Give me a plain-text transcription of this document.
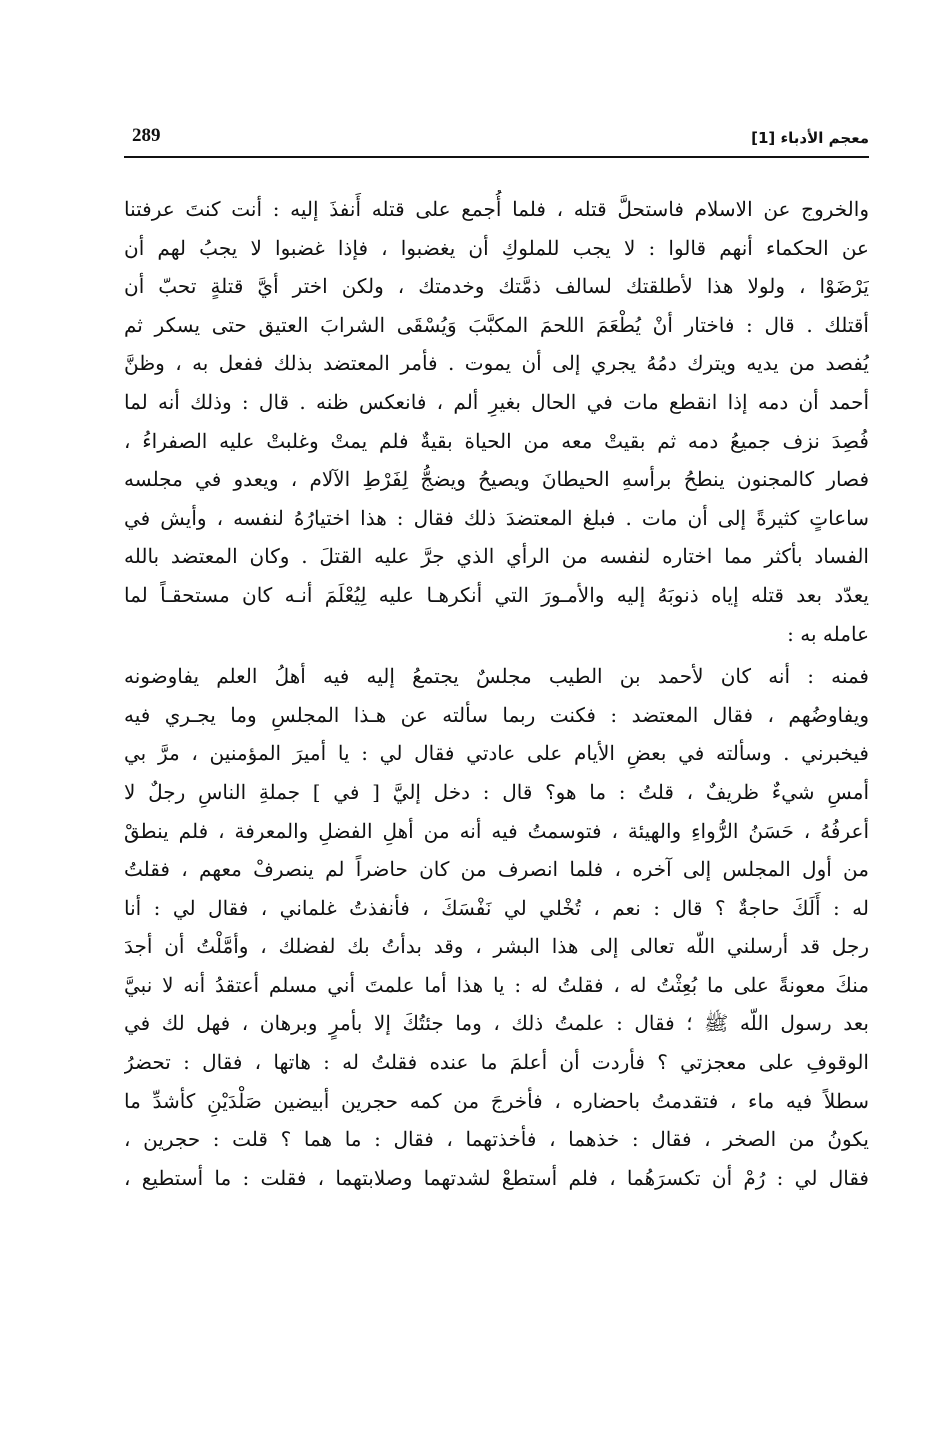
معجم الأدباء [1]
289
والخروج عن الاسلام فاستحلَّ قتله ، فلما أُجمع على قتله أَنفذَ إليه : أنت كنتَ عرفتنا
عن الحكماء أنهم قالوا : لا يجب للملوكِ أن يغضبوا ، فإذا غضبوا لا يجبُ لهم أن
يَرْضَوْا ، ولولا هذا لأطلقتك لسالف ذمَّتك وخدمتك ، ولكن اختر أيَّ قتلةٍ تحبّ أن
أقتلك . قال : فاختار أنْ يُطْعَمَ اللحمَ المكبَّبَ وَيُسْقَى الشرابَ العتيق حتى يسكر ثم
يُفصد من يديه ويترك دمُهُ يجري إلى أن يموت . فأمر المعتضد بذلك ففعل به ، وظنَّ
أحمد أن دمه إذا انقطع مات في الحال بغيرِ ألم ، فانعكس ظنه . قال : وذلك أنه لما
فُصِدَ نزف جميعُ دمه ثم بقيتْ معه من الحياة بقيةٌ فلم يمتْ وغلبتْ عليه الصفراءُ ،
فصار كالمجنون ينطحُ برأسهِ الحيطانَ ويصيحُ ويضجُّ لِفَرْطِ الآلام ، ويعدو في مجلسه
ساعاتٍ كثيرةً إلى أن مات . فبلغ المعتضدَ ذلك فقال : هذا اختيارُهُ لنفسه ، وأيش في
الفساد بأكثر مما اختاره لنفسه من الرأي الذي جرَّ عليه القتلَ . وكان المعتضد بالله
يعدّد بعد قتله إياه ذنوبَهُ إليه والأمـورَ التي أنكرهـا عليه لِيُعْلَمَ أنـه كان مستحقـاً لما
عامله به :
فمنه : أنه كان لأحمد بن الطيب مجلسٌ يجتمعُ إليه فيه أهلُ العلم يفاوضونه
ويفاوضُهم ، فقال المعتضد : فكنت ربما سألته عن هـذا المجلسِ وما يجـري فيه
فيخبرني . وسألته في بعضِ الأيام على عادتي فقال لي : يا أميرَ المؤمنين ، مرَّ بي
أمسِ شيءٌ ظريفٌ ، قلتُ : ما هو؟ قال : دخل إليَّ [ في ] جملةِ الناسِ رجلٌ لا
أعرفُهُ ، حَسَنُ الرُّواءِ والهيئة ، فتوسمتُ فيه أنه من أهلِ الفضلِ والمعرفة ، فلم ينطقْ
من أول المجلس إلى آخره ، فلما انصرف من كان حاضراً لم ينصرفْ معهم ، فقلتُ
له : أَلَكَ حاجةٌ ؟ قال : نعم ، تُخْلي لي نَفْسَكَ ، فأنفذتُ غلماني ، فقال لي : أنا
رجل قد أرسلني اللّه تعالى إلى هذا البشر ، وقد بدأتُ بك لفضلك ، وأمَّلْتُ أن أجدَ
منكَ معونةً على ما بُعِثْتُ له ، فقلتُ له : يا هذا أما علمتَ أني مسلم أعتقدُ أنه لا نبيَّ
بعد رسول اللّه ﷺ ؛ فقال : علمتُ ذلك ، وما جئتُكَ إلا بأمرٍ وبرهان ، فهل لك في
الوقوفِ على معجزتي ؟ فأردت أن أعلمَ ما عنده فقلتُ له : هاتها ، فقال : تحضرُ
سطلاً فيه ماء ، فتقدمتُ باحضاره ، فأخرجَ من كمه حجرين أبيضين صَلْدَيْنِ كأشدِّ ما
يكونُ من الصخر ، فقال : خذهما ، فأخذتهما ، فقال : ما هما ؟ قلت : حجرين ،
فقال لي : رُمْ أن تكسرَهُما ، فلم أستطعْ لشدتهما وصلابتهما ، فقلت : ما أستطيع ،
